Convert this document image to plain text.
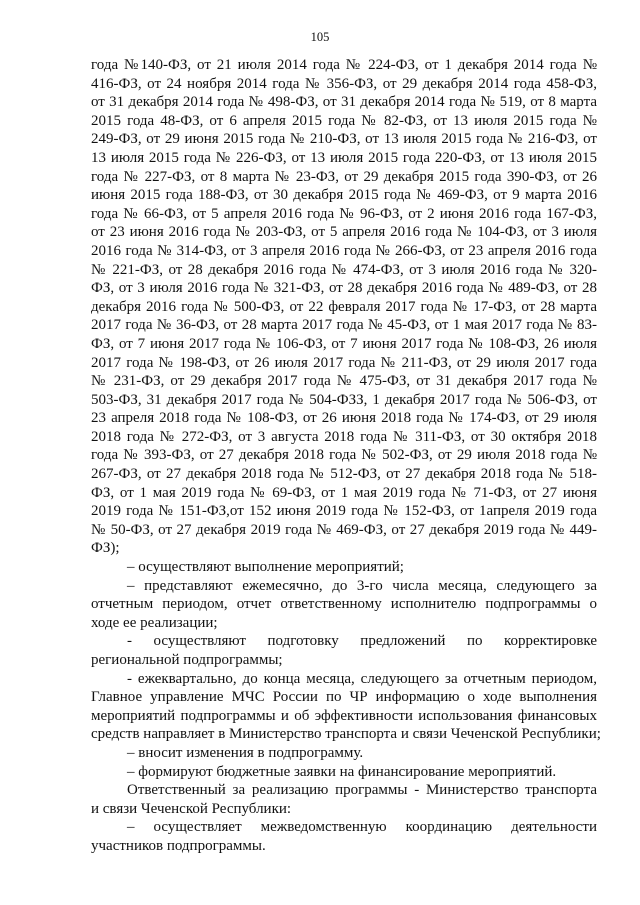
105
года №140-ФЗ, от 21 июля 2014 года № 224-ФЗ, от 1 декабря 2014 года №
416-ФЗ, от 24 ноября 2014 года № 356-ФЗ, от 29 декабря 2014 года 458-ФЗ,
от 31 декабря 2014 года № 498-ФЗ, от 31 декабря 2014 года № 519, от 8 марта
2015 года 48-ФЗ, от 6 апреля 2015 года № 82-ФЗ, от 13 июля 2015 года №
249-ФЗ, от 29 июня 2015 года № 210-ФЗ, от 13 июля 2015 года № 216-ФЗ, от
13 июля 2015 года № 226-ФЗ, от 13 июля 2015 года 220-ФЗ, от 13 июля 2015
года № 227-ФЗ, от 8 марта № 23-ФЗ, от 29 декабря 2015 года 390-ФЗ, от 26
июня 2015 года 188-ФЗ, от 30 декабря 2015 года № 469-ФЗ, от 9 марта 2016
года № 66-ФЗ, от 5 апреля 2016 года № 96-ФЗ, от 2 июня 2016 года 167-ФЗ,
от 23 июня 2016 года № 203-ФЗ, от 5 апреля 2016 года № 104-ФЗ, от 3 июля
2016 года № 314-ФЗ, от 3 апреля 2016 года № 266-ФЗ, от 23 апреля 2016 года
№ 221-ФЗ, от 28 декабря 2016 года № 474-ФЗ, от 3 июля 2016 года № 320-
ФЗ, от 3 июля 2016 года № 321-ФЗ, от 28 декабря 2016 года № 489-ФЗ, от 28
декабря 2016 года № 500-ФЗ, от 22 февраля 2017 года № 17-ФЗ, от 28 марта
2017 года № 36-ФЗ, от 28 марта 2017 года № 45-ФЗ, от 1 мая 2017 года № 83-
ФЗ, от 7 июня 2017 года № 106-ФЗ, от 7 июня 2017 года № 108-ФЗ, 26 июля
2017 года № 198-ФЗ, от 26 июля 2017 года № 211-ФЗ, от 29 июля 2017 года
№ 231-ФЗ, от 29 декабря 2017 года № 475-ФЗ, от 31 декабря 2017 года №
503-ФЗ, 31 декабря 2017 года № 504-ФЗЗ, 1 декабря 2017 года № 506-ФЗ, от
23 апреля 2018 года № 108-ФЗ, от 26 июня 2018 года № 174-ФЗ, от 29 июля
2018 года № 272-ФЗ, от 3 августа 2018 года № 311-ФЗ, от 30 октября 2018
года № 393-ФЗ, от 27 декабря 2018 года № 502-ФЗ, от 29 июля 2018 года №
267-ФЗ, от 27 декабря 2018 года № 512-ФЗ, от 27 декабря 2018 года № 518-
ФЗ, от 1 мая 2019 года № 69-ФЗ, от 1 мая 2019 года № 71-ФЗ, от 27 июня
2019 года № 151-ФЗ,от 152 июня 2019 года № 152-ФЗ, от 1апреля 2019 года
№ 50-ФЗ, от 27 декабря 2019 года № 469-ФЗ, от 27 декабря 2019 года № 449-
ФЗ);
– осуществляют выполнение мероприятий;
– представляют ежемесячно, до 3-го числа месяца, следующего за
отчетным периодом, отчет ответственному исполнителю подпрограммы о
ходе ее реализации;
- осуществляют подготовку предложений по корректировке
региональной подпрограммы;
- ежеквартально, до конца месяца, следующего за отчетным периодом,
Главное управление МЧС России по ЧР информацию о ходе выполнения
мероприятий подпрограммы и об эффективности использования финансовых
средств направляет в Министерство транспорта и связи Чеченской Республики;
– вносит изменения в подпрограмму.
– формируют бюджетные заявки на финансирование мероприятий.
Ответственный за реализацию программы - Министерство транспорта
и связи Чеченской Республики:
– осуществляет межведомственную координацию деятельности
участников подпрограммы.
